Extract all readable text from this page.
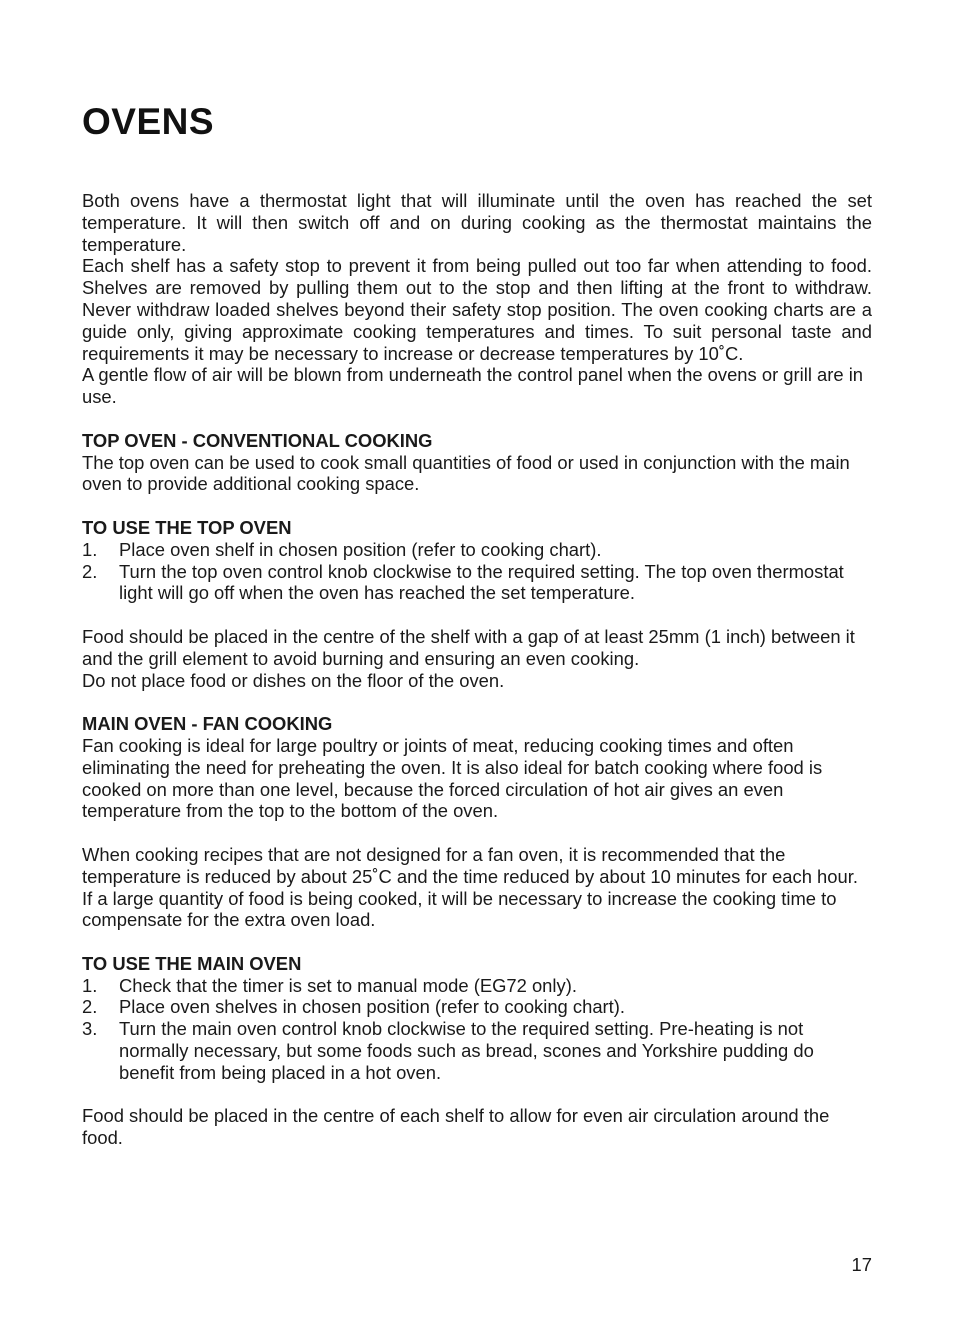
OVENS

Both ovens have a thermostat light that will illuminate until the oven has reached the set temperature. It will then switch off and on during cooking as the thermostat maintains the temperature.

Each shelf has a safety stop to prevent it from being pulled out too far when attending to food. Shelves are removed by pulling them out to the stop and then lifting at the front to withdraw. Never withdraw loaded shelves beyond their safety stop position. The oven cooking charts are a guide only, giving approximate cooking temperatures and times. To suit personal taste and requirements it may be necessary to increase or decrease temperatures by 10˚C.

A gentle flow of air will be blown from underneath the control panel when the ovens or grill are in use.

TOP OVEN - CONVENTIONAL COOKING

The top oven can be used to cook small quantities of food or used in conjunction with the main oven to provide additional cooking space.

TO USE THE TOP OVEN

1. Place oven shelf in chosen position (refer to cooking chart).
2. Turn the top oven control knob clockwise to the required setting. The top oven thermostat light will go off when the oven has reached the set temperature.

Food should be placed in the centre of the shelf with a gap of at least 25mm (1 inch) between it and the grill element to avoid burning and ensuring an even cooking.

Do not place food or dishes on the floor of the oven.

MAIN OVEN - FAN COOKING

Fan cooking is ideal for large poultry or joints of meat, reducing cooking times and often eliminating the need for preheating the oven. It is also ideal for batch cooking where food is cooked on more than one level, because the forced circulation of hot air gives an even temperature from the top to the bottom of the oven.

When cooking recipes that are not designed for a fan oven, it is recommended that the temperature is reduced by about 25˚C and the time reduced by about 10 minutes for each hour. If a large quantity of food is being cooked, it will be necessary to increase the cooking time to compensate for the extra oven load.

TO USE THE MAIN OVEN

1. Check that the timer is set to manual mode (EG72 only).
2. Place oven shelves in chosen position (refer to cooking chart).
3. Turn the main oven control knob clockwise to the required setting. Pre-heating is not normally necessary, but some foods such as bread, scones and Yorkshire pudding do benefit from being placed in a hot oven.

Food should be placed in the centre of each shelf to allow for even air circulation around the food.

17
